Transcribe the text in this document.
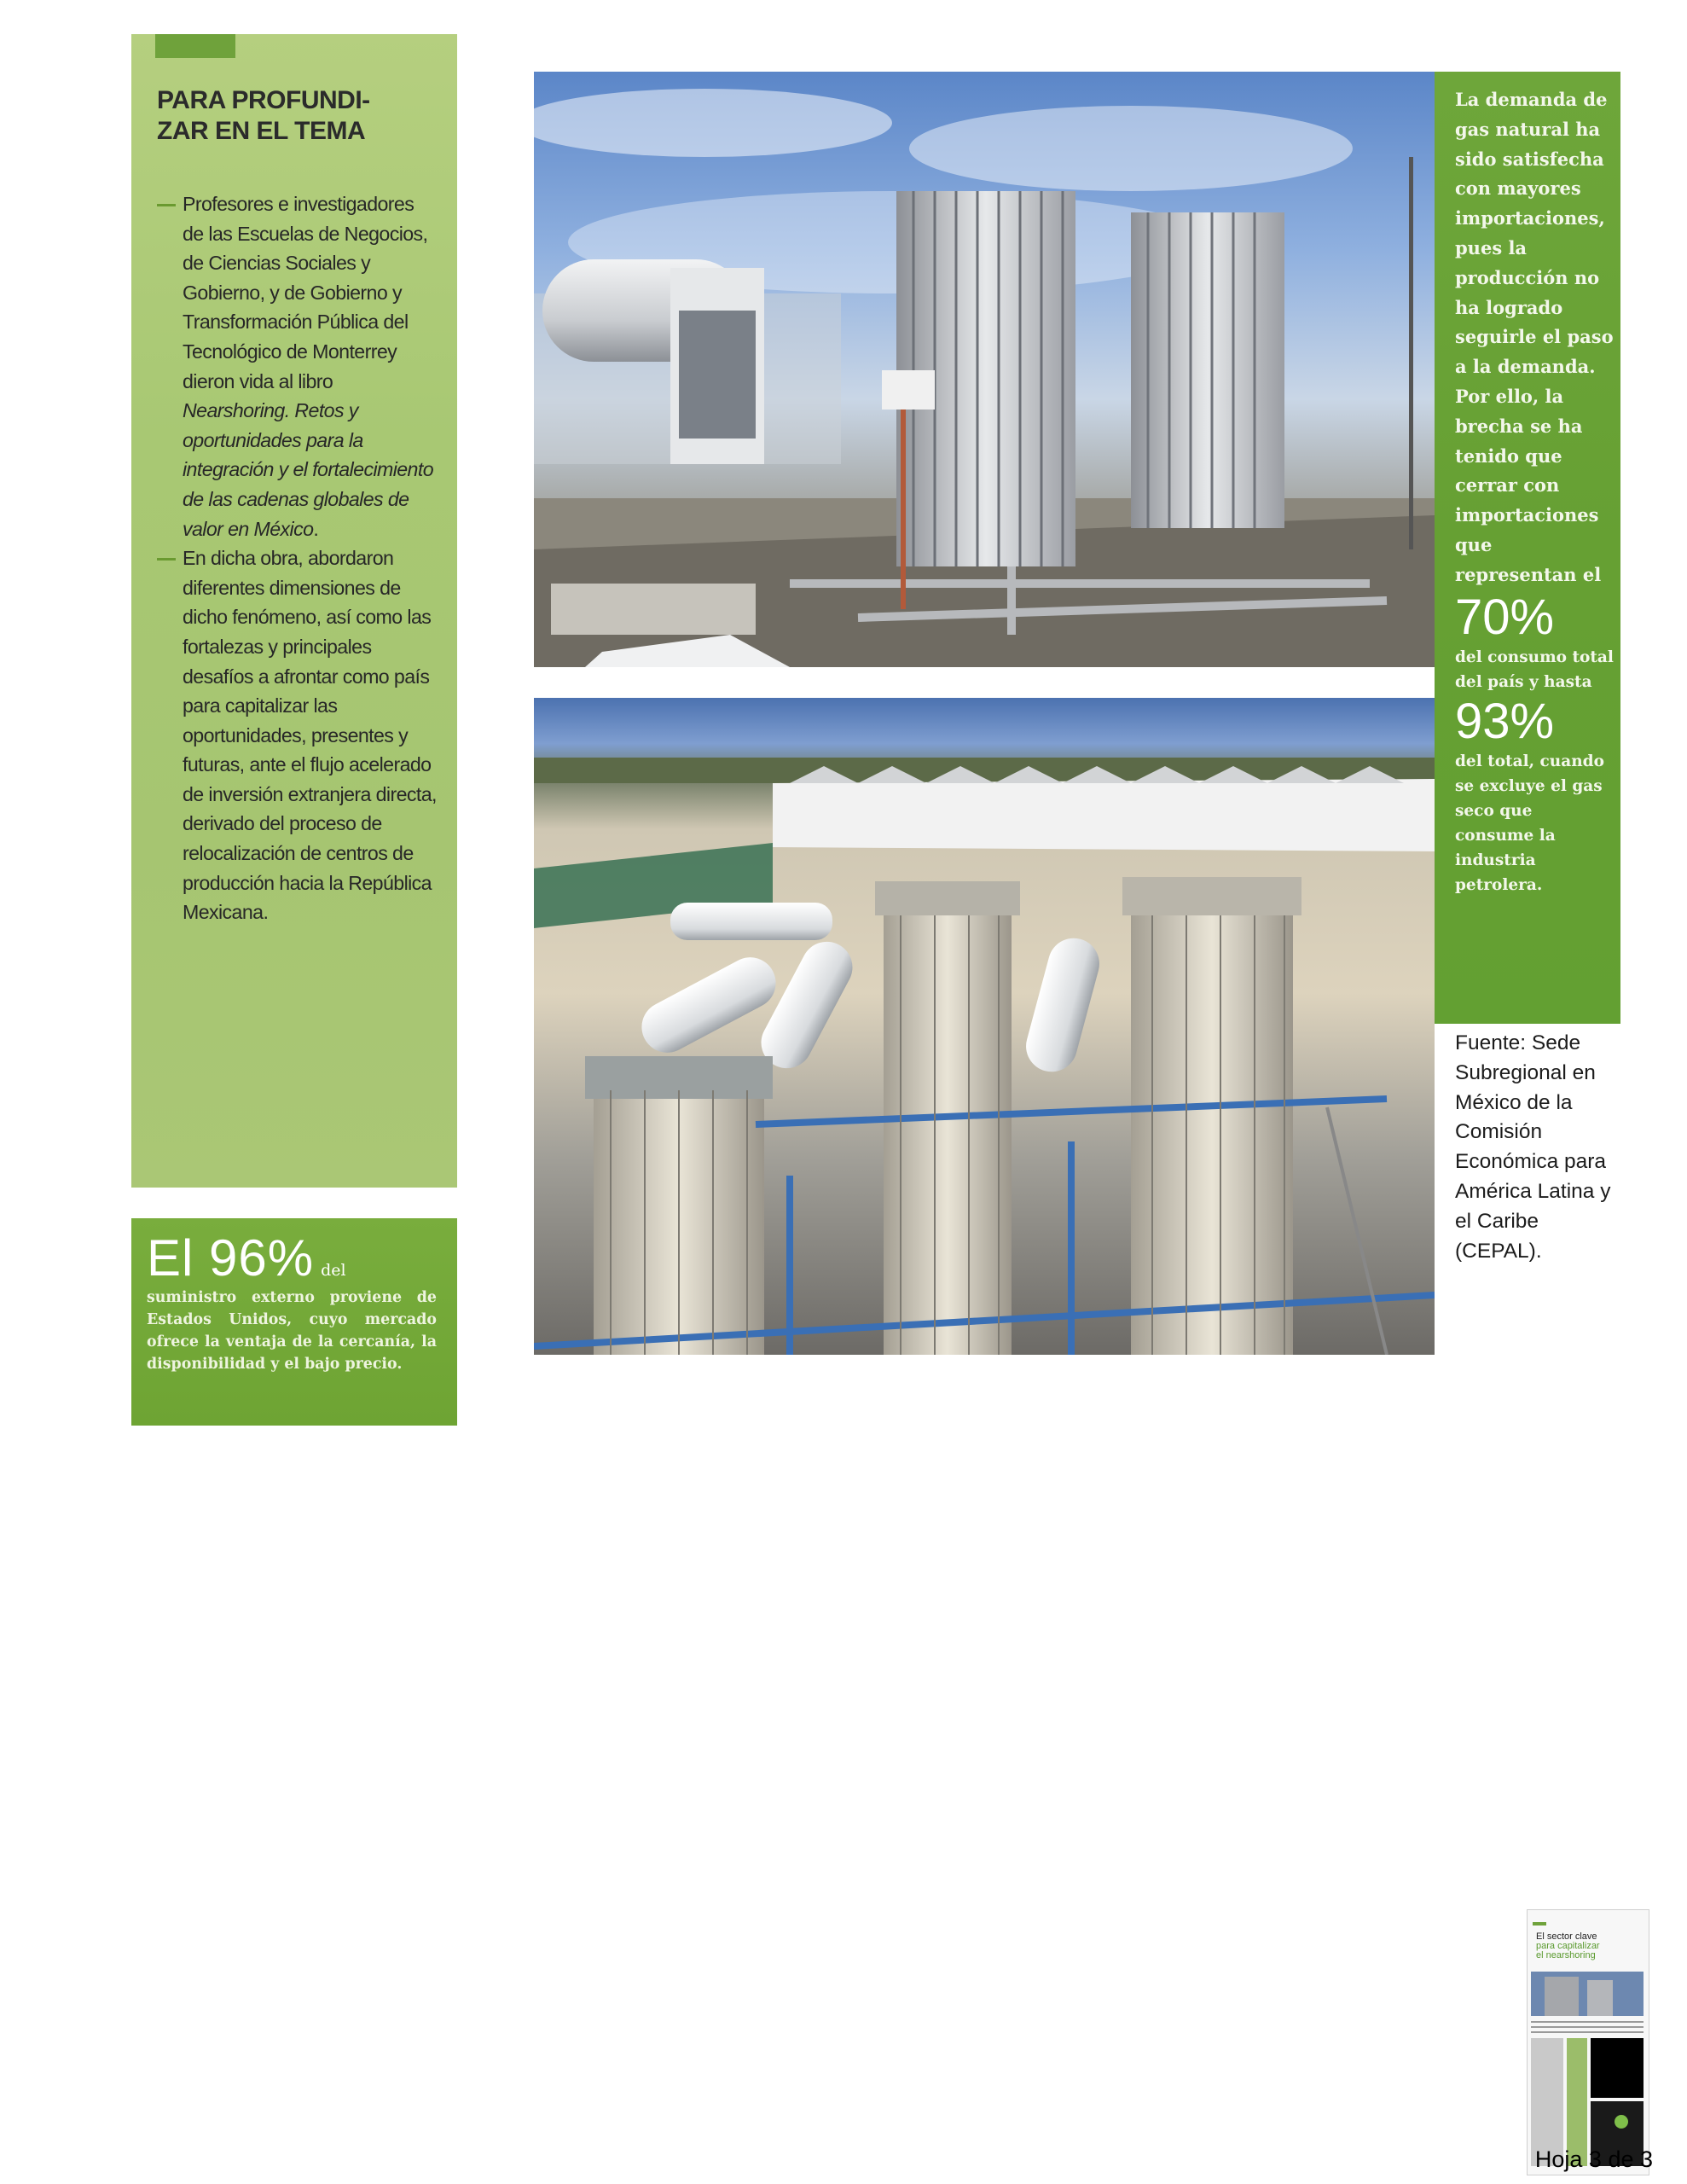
PARA PROFUNDI-
ZAR EN EL TEMA

Profesores e investigadores de las Escuelas de Negocios, de Ciencias Sociales y Gobierno, y de Gobierno y Transformación Pública del Tecnológico de Monterrey dieron vida al libro Nearshoring. Retos y oportunidades para la integración y el fortalecimiento de las cadenas globales de valor en México.

En dicha obra, abordaron diferentes dimensiones de dicho fenómeno, así como las fortalezas y principales desafíos a afrontar como país para capitalizar las oportunidades, presentes y futuras, ante el flujo acelerado de inversión extranjera directa, derivado del proceso de relocalización de centros de producción hacia la República Mexicana.

El 96% del
suministro externo proviene de Estados Unidos, cuyo mercado ofrece la ventaja de la cercanía, la disponibilidad y el bajo precio.
La demanda de gas natural ha sido satisfecha con mayores importaciones, pues la producción no ha logrado seguirle el paso a la demanda. Por ello, la brecha se ha tenido que cerrar con importaciones que representan el
70%
del consumo total del país y hasta
93%
del total, cuando se excluye el gas seco que consume la industria petrolera.
Fuente: Sede Subregional en México de la Comisión Económica para América Latina y el Caribe (CEPAL).
El sector clave para capitalizar el nearshoring
Hoja 3 de 3
